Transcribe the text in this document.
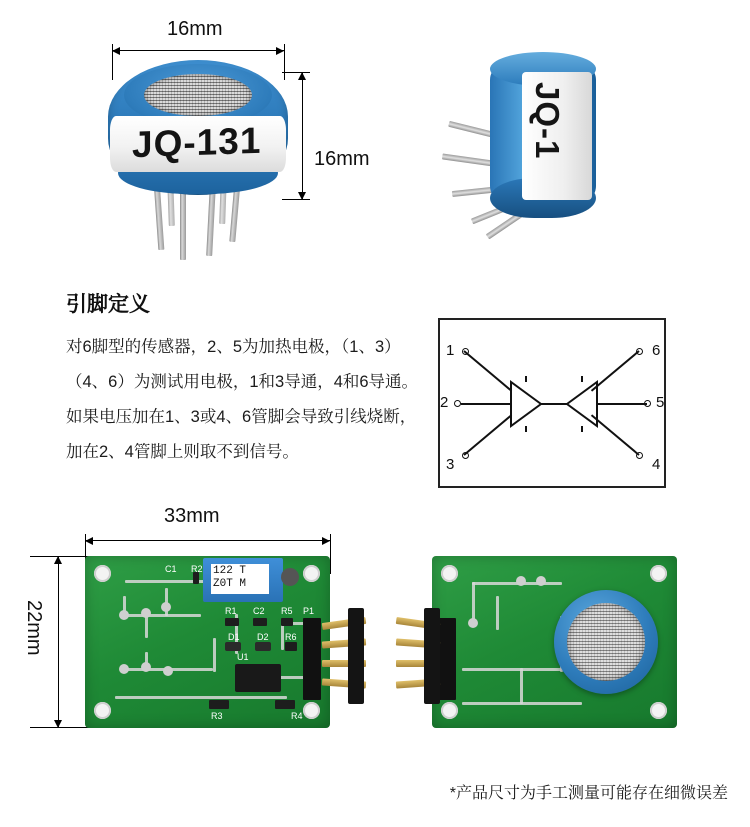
16mm
16mm
JQ-131	JQ-1
引脚定义
对6脚型的传感器，2、5为加热电极，（1、3）（4、6）为测试用电极，1和3导通，4和6导通。如果电压加在1、3或4、6管脚会导致引线烧断，加在2、4管脚上则取不到信号。
1	6
2	5
3	4
33mm
22mm
122 T
Z0T M
C1 R2
R1 C2 R5 P1
D1 D2 R6
U1
R3	R4
*产品尺寸为手工测量可能存在细微误差
